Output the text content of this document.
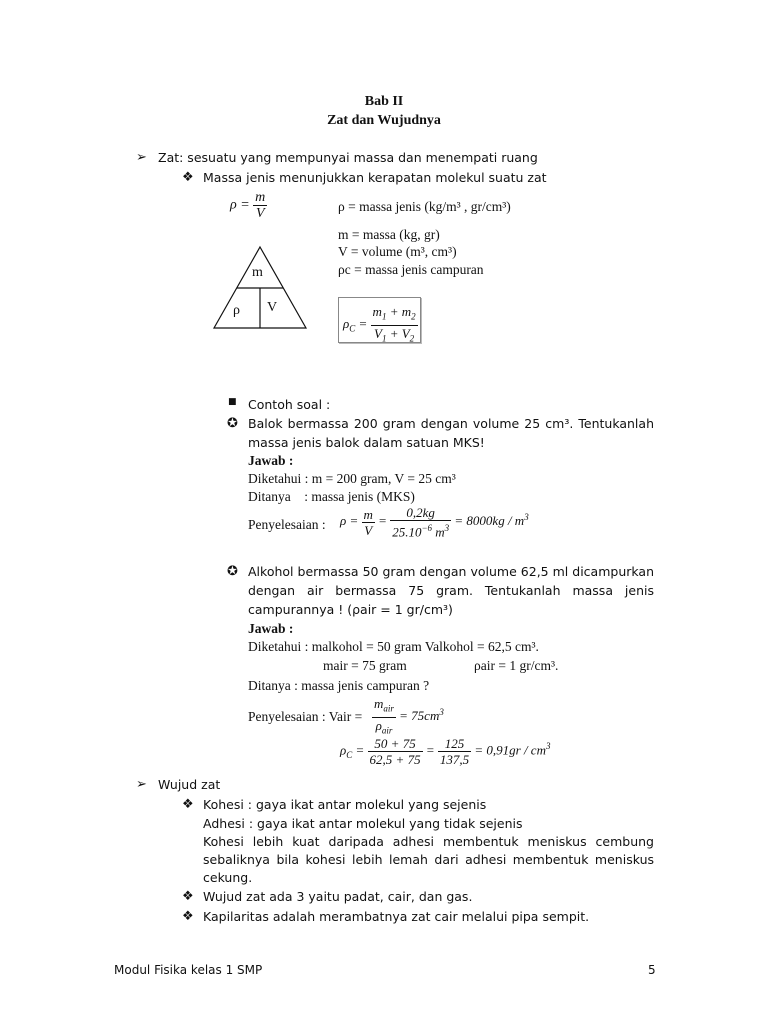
Bab II
Zat dan Wujudnya
➢ Zat: sesuatu yang mempunyai massa dan menempati ruang
❖ Massa jenis menunjukkan kerapatan molekul suatu zat
$\rho = \frac{m}{V}$	ρ = massa jenis (kg/m³ , gr/cm³)
m = massa (kg, gr)
V = volume (m³, cm³)
ρc = massa jenis campuran
m
ρ V
$\rho_C = \frac{m_1 + m_2}{V_1 + V_2}$
■ Contoh soal :
✪ Balok bermassa 200 gram dengan volume 25 cm³. Tentukanlah
massa jenis balok dalam satuan MKS!
Jawab :
Diketahui : m = 200 gram, V = 25 cm³
Ditanya    : massa jenis (MKS)
Penyelesaian : $\rho = \frac{m}{V} = \frac{0,2kg}{25.10^{-6} m^3} = 8000kg / m^3$
✪ Alkohol bermassa 50 gram dengan volume 62,5 ml dicampurkan
dengan air bermassa 75 gram. Tentukanlah massa jenis
campurannya ! (ρair = 1 gr/cm³)
Jawab :
Diketahui : malkohol = 50 gram Valkohol = 62,5 cm³.
mair = 75 gram	ρair = 1 gr/cm³.
Ditanya : massa jenis campuran ?
Penyelesaian : Vair = $\frac{m_{air}}{\rho_{air}} = 75cm^3$
$\rho_C = \frac{50 + 75}{62,5 + 75} = \frac{125}{137,5} = 0,91gr / cm^3$
➢ Wujud zat
❖ Kohesi : gaya ikat antar molekul yang sejenis
Adhesi : gaya ikat antar molekul yang tidak sejenis
Kohesi lebih kuat daripada adhesi membentuk meniskus cembung
sebaliknya bila kohesi lebih lemah dari adhesi membentuk meniskus
cekung.
❖ Wujud zat ada 3 yaitu padat, cair, dan gas.
❖ Kapilaritas adalah merambatnya zat cair melalui pipa sempit.
Modul Fisika kelas 1 SMP	5
